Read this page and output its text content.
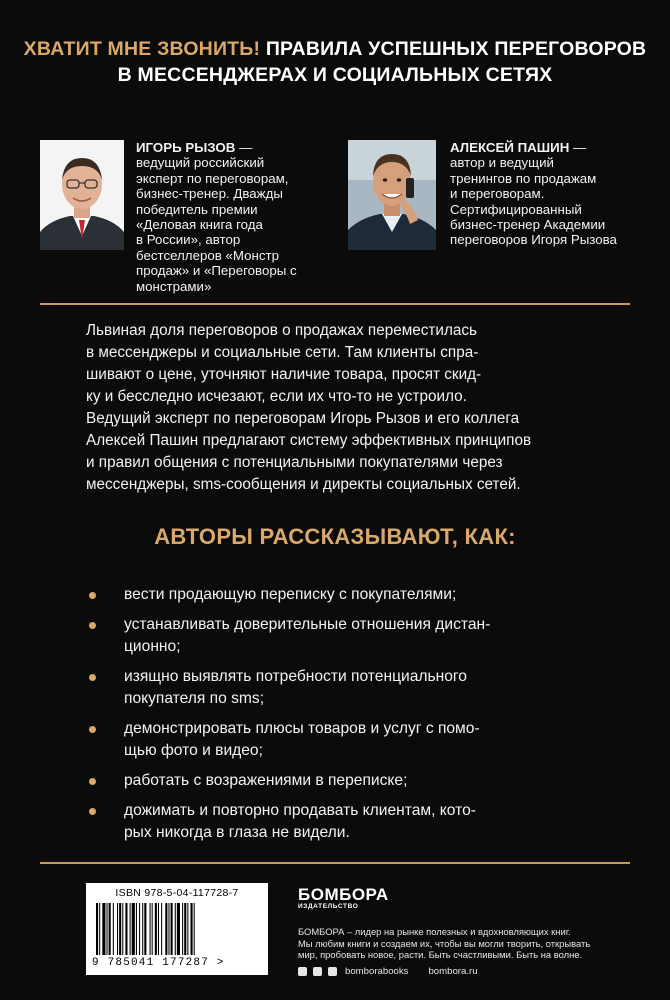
ХВАТИТ МНЕ ЗВОНИТЬ! ПРАВИЛА УСПЕШНЫХ ПЕРЕГОВОРОВ
В МЕССЕНДЖЕРАХ И СОЦИАЛЬНЫХ СЕТЯХ
ИГОРЬ РЫЗОВ —
ведущий российский
эксперт по переговорам,
бизнес-тренер. Дважды
победитель премии
«Деловая книга года
в России», автор
бестселлеров «Монстр
продаж» и «Переговоры с
монстрами»
АЛЕКСЕЙ ПАШИН —
автор и ведущий
тренингов по продажам
и переговорам.
Сертифицированный
бизнес-тренер Академии
переговоров Игоря Рызова
Львиная доля переговоров о продажах переместилась
в мессенджеры и социальные сети. Там клиенты спра-
шивают о цене, уточняют наличие товара, просят скид-
ку и бесследно исчезают, если их что-то не устроило.
Ведущий эксперт по переговорам Игорь Рызов и его коллега
Алексей Пашин предлагают систему эффективных принципов
и правил общения с потенциальными покупателями через
мессенджеры, sms-сообщения и директы социальных сетей.
АВТОРЫ РАССКАЗЫВАЮТ, КАК:
вести продающую переписку с покупателями;
устанавливать доверительные отношения дистан-
ционно;
изящно выявлять потребности потенциального
покупателя по sms;
демонстрировать плюсы товаров и услуг с помо-
щью фото и видео;
работать с возражениями в переписке;
дожимать и повторно продавать клиентам, кото-
рых никогда в глаза не видели.
ISBN 978-5-04-117728-7
9 785041 177287 >
БОМБОРА
ИЗДАТЕЛЬСТВО
БОМБОРА – лидер на рынке полезных и вдохновляющих книг.
Мы любим книги и создаем их, чтобы вы могли творить, открывать
мир, пробовать новое, расти. Быть счастливыми. Быть на волне.
bomborabooks bombora.ru
